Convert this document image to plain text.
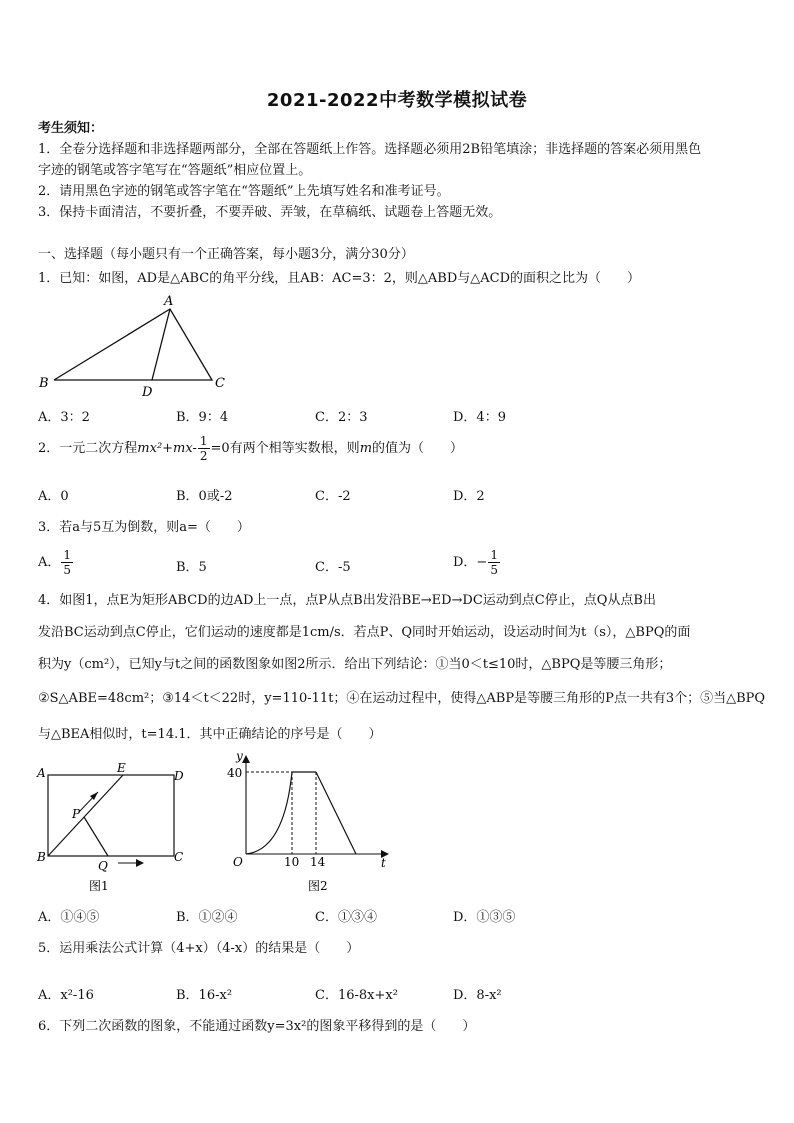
2021-2022中考数学模拟试卷
考生须知：
1．全卷分选择题和非选择题两部分，全部在答题纸上作答。选择题必须用2B铅笔填涂；非选择题的答案必须用黑色
字迹的钢笔或答字笔写在“答题纸”相应位置上。
2．请用黑色字迹的钢笔或答字笔在“答题纸”上先填写姓名和准考证号。
3．保持卡面清洁，不要折叠，不要弄破、弄皱，在草稿纸、试题卷上答题无效。
一、选择题（每小题只有一个正确答案，每小题3分，满分30分）
1．已知：如图，AD是△ABC的角平分线，且AB：AC=3：2，则△ABD与△ACD的面积之比为（　　）
A
B	C
D
A．3：2	B．9：4	C．2：3	D．4：9
2．一元二次方程$mx^2+mx- \frac{1}{2} =0$有两个相等实数根，则m的值为（　　）
A．0	B．0或-2	C．-2	D．2
3．若a与5互为倒数，则a=（　　）
A． $\frac{1}{5}$	B．5	C．-5	D．− $\frac{1}{5}$
4．如图1，点E为矩形ABCD的边AD上一点，点P从点B出发沿BE→ED→DC运动到点C停止，点Q从点B出
发沿BC运动到点C停止，它们运动的速度都是1cm/s．若点P、Q同时开始运动，设运动时间为t（s），△BPQ的面
积为y（cm²），已知y与t之间的函数图象如图2所示．给出下列结论：①当0＜t≤10时，△BPQ是等腰三角形；
②S△ABE=48cm²；③14＜t＜22时，y=110-11t；④在运动过程中，使得△ABP是等腰三角形的P点一共有3个；⑤当△BPQ
与△BEA相似时，t=14.1．其中正确结论的序号是（　　）
A	E
D
P
B
Q
C
图1
y
40
O	10 14	t
图2
A．①④⑤	B．①②④	C．①③④	D．①③⑤
5．运用乘法公式计算（4+x）（4-x）的结果是（　　）
A．x²-16	B．16-x²	C．16-8x+x²	D．8-x²
6．下列二次函数的图象，不能通过函数y=3x²的图象平移得到的是（　　）
